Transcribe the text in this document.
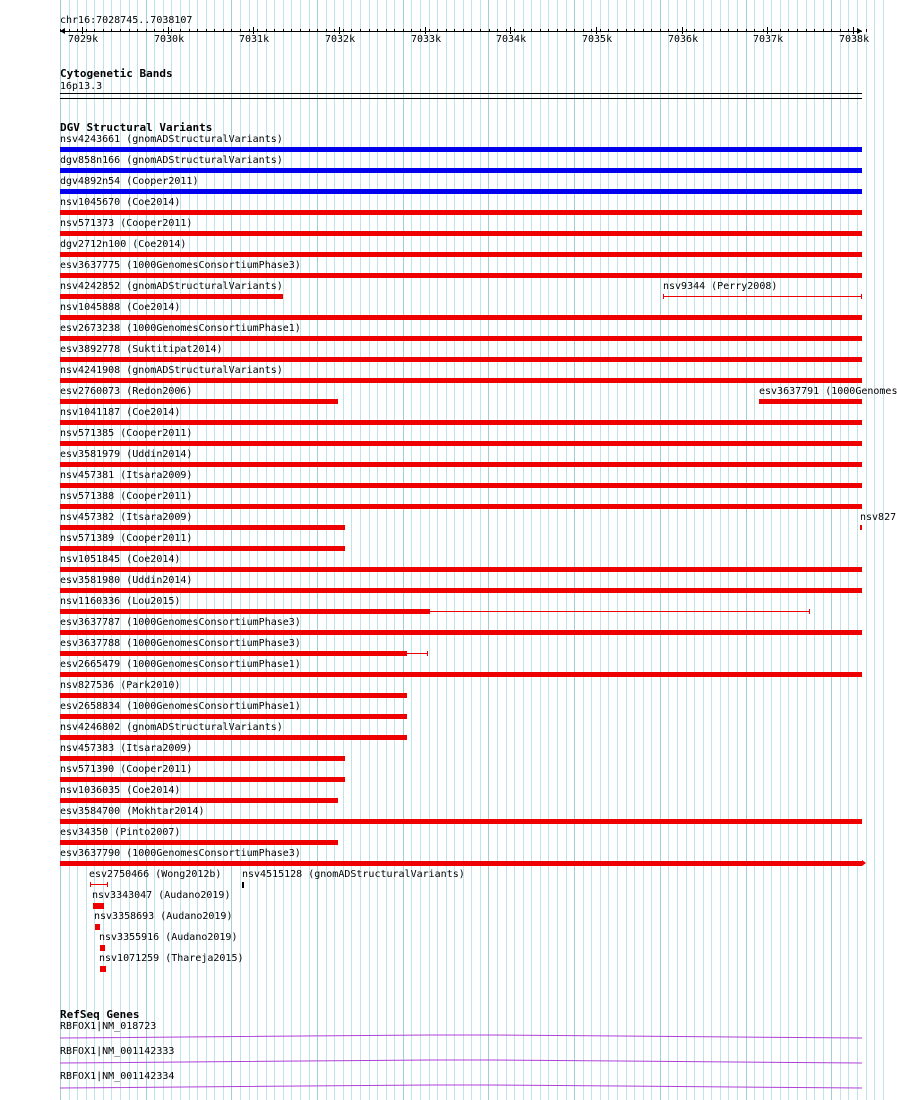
chr16:7028745..7038107
7029k	7030k	7031k	7032k	7033k	7034k	7035k	7036k	7037k	7038k
Cytogenetic Bands
16p13.3
DGV Structural Variants
nsv4243661 (gnomADStructuralVariants)
dgv858n166 (gnomADStructuralVariants)
dgv4892n54 (Cooper2011)
nsv1045670 (Coe2014)
nsv571373 (Cooper2011)
dgv2712n100 (Coe2014)
esv3637775 (1000GenomesConsortiumPhase3)
nsv4242852 (gnomADStructuralVariants)	nsv9344 (Perry2008)
nsv1045888 (Coe2014)
esv2673238 (1000GenomesConsortiumPhase1)
esv3892778 (Suktitipat2014)
nsv4241908 (gnomADStructuralVariants)
esv2760073 (Redon2006)	esv3637791 (1000Genomes
nsv1041187 (Coe2014)
nsv571385 (Cooper2011)
esv3581979 (Uddin2014)
nsv457381 (Itsara2009)
nsv571388 (Cooper2011)
nsv457382 (Itsara2009)	nsv827
nsv571389 (Cooper2011)
nsv1051845 (Coe2014)
esv3581980 (Uddin2014)
nsv1160336 (Lou2015)
esv3637787 (1000GenomesConsortiumPhase3)
esv3637788 (1000GenomesConsortiumPhase3)
esv2665479 (1000GenomesConsortiumPhase1)
nsv827536 (Park2010)
esv2658834 (1000GenomesConsortiumPhase1)
nsv4246802 (gnomADStructuralVariants)
nsv457383 (Itsara2009)
nsv571390 (Cooper2011)
nsv1036035 (Coe2014)
esv3584700 (Mokhtar2014)
esv34350 (Pinto2007)
esv3637790 (1000GenomesConsortiumPhase3)
esv2750466 (Wong2012b) nsv4515128 (gnomADStructuralVariants)
nsv3343047 (Audano2019)
nsv3358693 (Audano2019)
nsv3355916 (Audano2019)
nsv1071259 (Thareja2015)
RefSeq Genes
RBFOX1|NM_018723
RBFOX1|NM_001142333
RBFOX1|NM_001142334
